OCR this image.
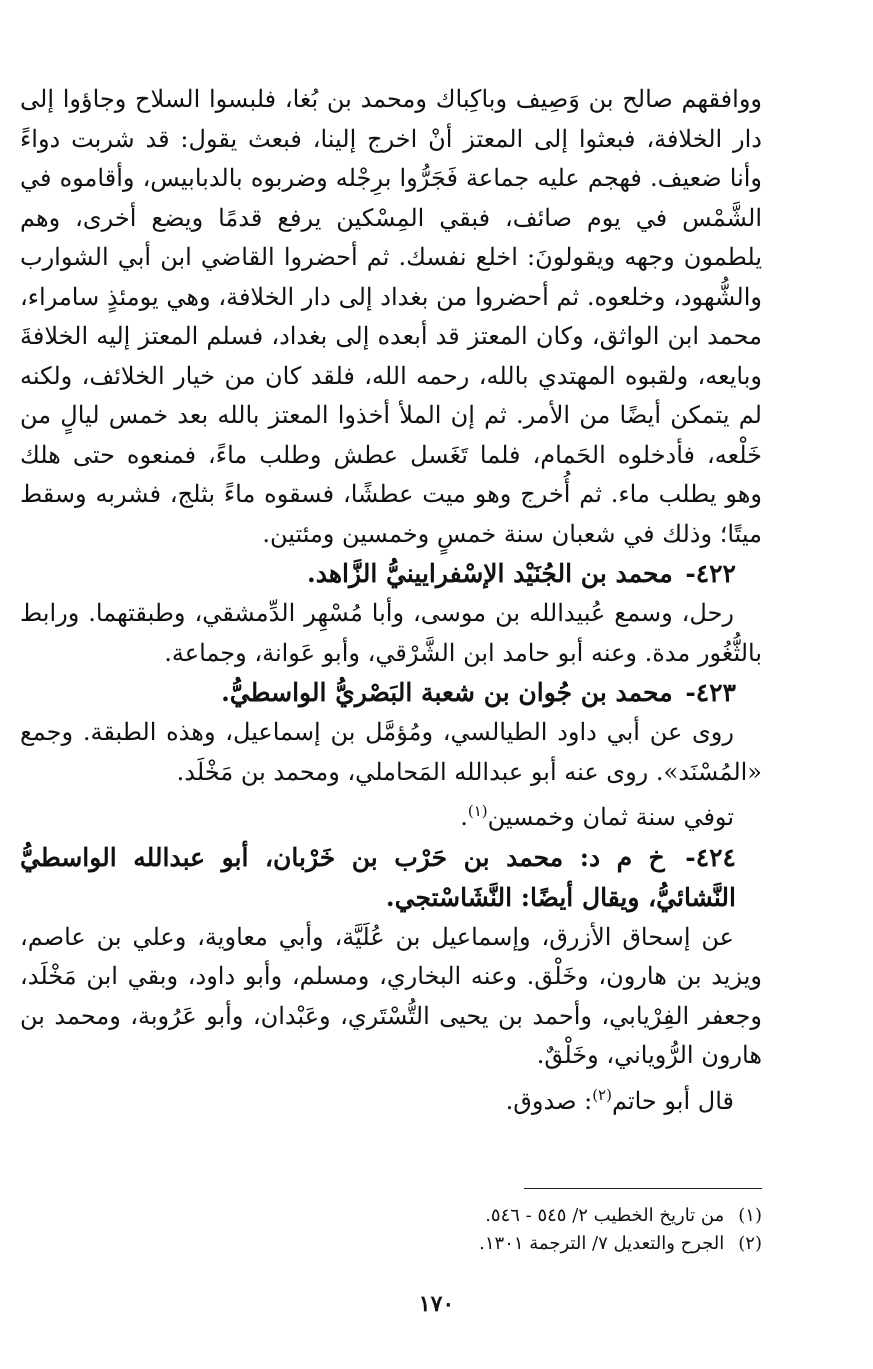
ووافقهم صالح بن وَصِيف وباكِباك ومحمد بن بُغا، فلبسوا السلاح وجاؤوا إلى دار الخلافة، فبعثوا إلى المعتز أنْ اخرج إلينا، فبعث يقول: قد شربت دواءً وأنا ضعيف. فهجم عليه جماعة فَجَرُّوا برِجْله وضربوه بالدبابيس، وأقاموه في الشَّمْس في يوم صائف، فبقي المِسْكين يرفع قدمًا ويضع أخرى، وهم يلطمون وجهه ويقولونَ: اخلع نفسك. ثم أحضروا القاضي ابن أبي الشوارب والشُّهود، وخلعوه. ثم أحضروا من بغداد إلى دار الخلافة، وهي يومئذٍ سامراء، محمد ابن الواثق، وكان المعتز قد أبعده إلى بغداد، فسلم المعتز إليه الخلافةَ وبايعه، ولقبوه المهتدي بالله، رحمه الله، فلقد كان من خيار الخلائف، ولكنه لم يتمكن أيضًا من الأمر. ثم إن الملأ أخذوا المعتز بالله بعد خمس ليالٍ من خَلْعه، فأدخلوه الحَمام، فلما تَغَسل عطش وطلب ماءً، فمنعوه حتى هلك وهو يطلب ماء. ثم أُخرج وهو ميت عطشًا، فسقوه ماءً بثلج، فشربه وسقط ميتًا؛ وذلك في شعبان سنة خمسٍ وخمسين ومئتين.

٤٢٢- محمد بن الجُنَيْد الإسْفرايينيُّ الزَّاهد.

رحل، وسمع عُبيدالله بن موسى، وأبا مُسْهِر الدِّمشقي، وطبقتهما. ورابط بالثُّغُور مدة. وعنه أبو حامد ابن الشَّرْقي، وأبو عَوانة، وجماعة.

٤٢٣- محمد بن جُوان بن شعبة البَصْريُّ الواسطيُّ.

روى عن أبي داود الطيالسي، ومُؤمَّل بن إسماعيل، وهذه الطبقة. وجمع «المُسْنَد». روى عنه أبو عبدالله المَحاملي، ومحمد بن مَخْلَد.

توفي سنة ثمان وخمسين$^{(١)}$.

٤٢٤- خ م د: محمد بن حَرْب بن خَرْبان، أبو عبدالله الواسطيُّ النَّشائيُّ، ويقال أيضًا: النَّشَاسْتجي.

عن إسحاق الأزرق، وإسماعيل بن عُلَيَّة، وأبي معاوية، وعلي بن عاصم، ويزيد بن هارون، وخَلْق. وعنه البخاري، ومسلم، وأبو داود، وبقي ابن مَخْلَد، وجعفر الفِرْيابي، وأحمد بن يحيى التُّسْتَري، وعَبْدان، وأبو عَرُوبة، ومحمد بن هارون الرُّوياني، وخَلْقٌ.

قال أبو حاتم$^{(٢)}$: صدوق.

(١)من تاريخ الخطيب ٢/ ٥٤٥ - ٥٤٦.

(٢)الجرح والتعديل ٧/ الترجمة ١٣٠١.

١٧٠
